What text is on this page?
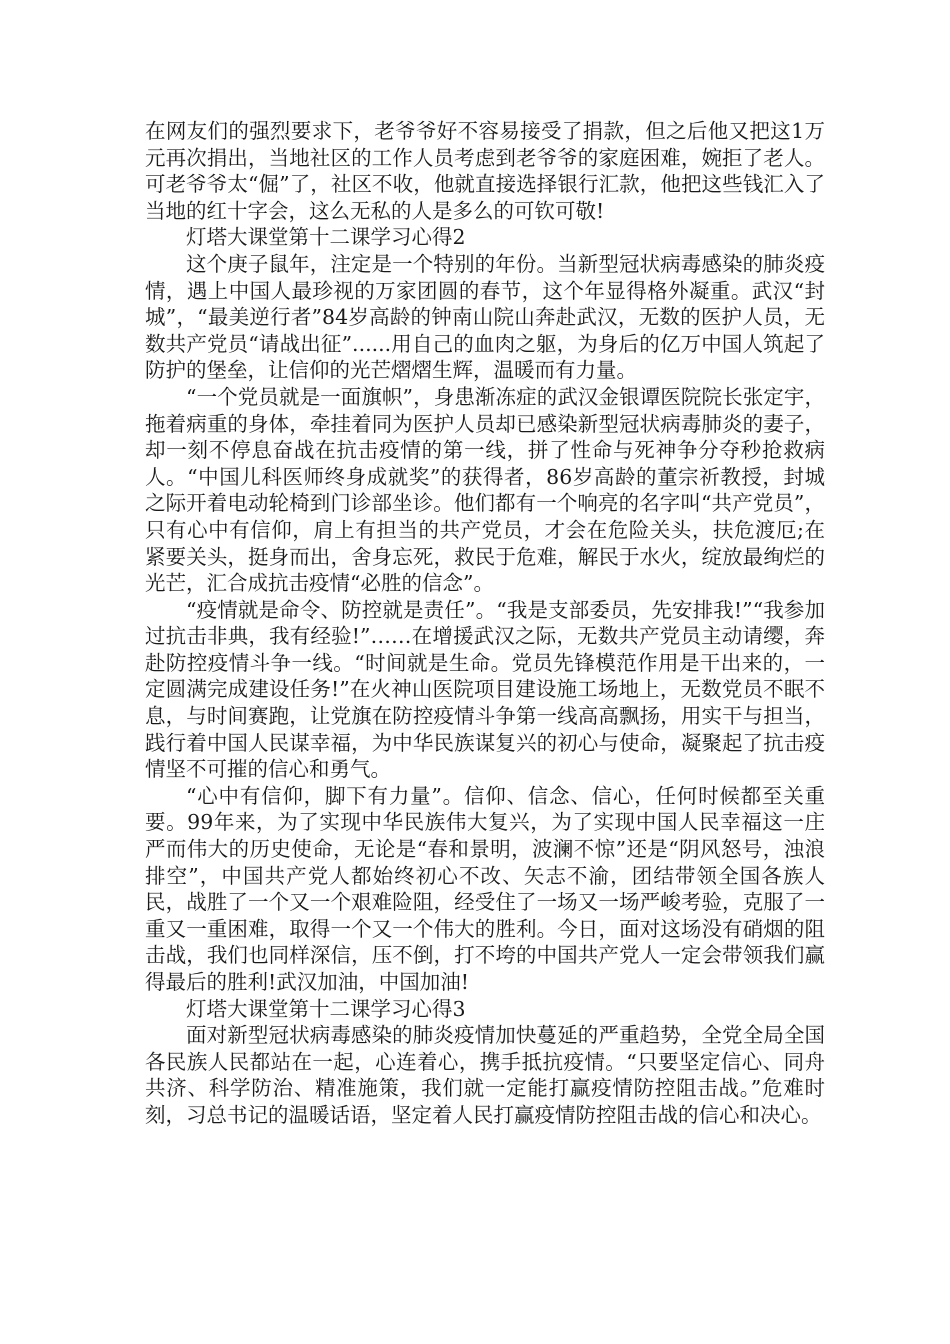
在网友们的强烈要求下，老爷爷好不容易接受了捐款，但之后他又把这1万元再次捐出，当地社区的工作人员考虑到老爷爷的家庭困难，婉拒了老人。可老爷爷太“倔”了，社区不收，他就直接选择银行汇款，他把这些钱汇入了当地的红十字会，这么无私的人是多么的可钦可敬!

灯塔大课堂第十二课学习心得2

这个庚子鼠年，注定是一个特别的年份。当新型冠状病毒感染的肺炎疫情，遇上中国人最珍视的万家团圆的春节，这个年显得格外凝重。武汉“封城”，“最美逆行者”84岁高龄的钟南山院山奔赴武汉，无数的医护人员，无数共产党员“请战出征”......用自己的血肉之躯，为身后的亿万中国人筑起了防护的堡垒，让信仰的光芒熠熠生辉，温暖而有力量。

“一个党员就是一面旗帜”，身患渐冻症的武汉金银谭医院院长张定宇，拖着病重的身体，牵挂着同为医护人员却已感染新型冠状病毒肺炎的妻子，却一刻不停息奋战在抗击疫情的第一线，拼了性命与死神争分夺秒抢救病人。“中国儿科医师终身成就奖”的获得者，86岁高龄的董宗祈教授，封城之际开着电动轮椅到门诊部坐诊。他们都有一个响亮的名字叫“共产党员”，只有心中有信仰，肩上有担当的共产党员，才会在危险关头，扶危渡厄;在紧要关头，挺身而出，舍身忘死，救民于危难，解民于水火，绽放最绚烂的光芒，汇合成抗击疫情“必胜的信念”。

“疫情就是命令、防控就是责任”。“我是支部委员，先安排我!”“我参加过抗击非典，我有经验!”……在增援武汉之际，无数共产党员主动请缨，奔赴防控疫情斗争一线。“时间就是生命。党员先锋模范作用是干出来的，一定圆满完成建设任务!”在火神山医院项目建设施工场地上，无数党员不眠不息，与时间赛跑，让党旗在防控疫情斗争第一线高高飘扬，用实干与担当，践行着中国人民谋幸福，为中华民族谋复兴的初心与使命，凝聚起了抗击疫情坚不可摧的信心和勇气。

“心中有信仰，脚下有力量”。信仰、信念、信心，任何时候都至关重要。99年来，为了实现中华民族伟大复兴，为了实现中国人民幸福这一庄严而伟大的历史使命，无论是“春和景明，波澜不惊”还是“阴风怒号，浊浪排空”，中国共产党人都始终初心不改、矢志不渝，团结带领全国各族人民，战胜了一个又一个艰难险阻，经受住了一场又一场严峻考验，克服了一重又一重困难，取得一个又一个伟大的胜利。今日，面对这场没有硝烟的阻击战，我们也同样深信，压不倒，打不垮的中国共产党人一定会带领我们赢得最后的胜利!武汉加油，中国加油!

灯塔大课堂第十二课学习心得3

面对新型冠状病毒感染的肺炎疫情加快蔓延的严重趋势，全党全局全国各民族人民都站在一起，心连着心，携手抵抗疫情。“只要坚定信心、同舟共济、科学防治、精准施策，我们就一定能打赢疫情防控阻击战。”危难时刻，习总书记的温暖话语，坚定着人民打赢疫情防控阻击战的信心和决心。
